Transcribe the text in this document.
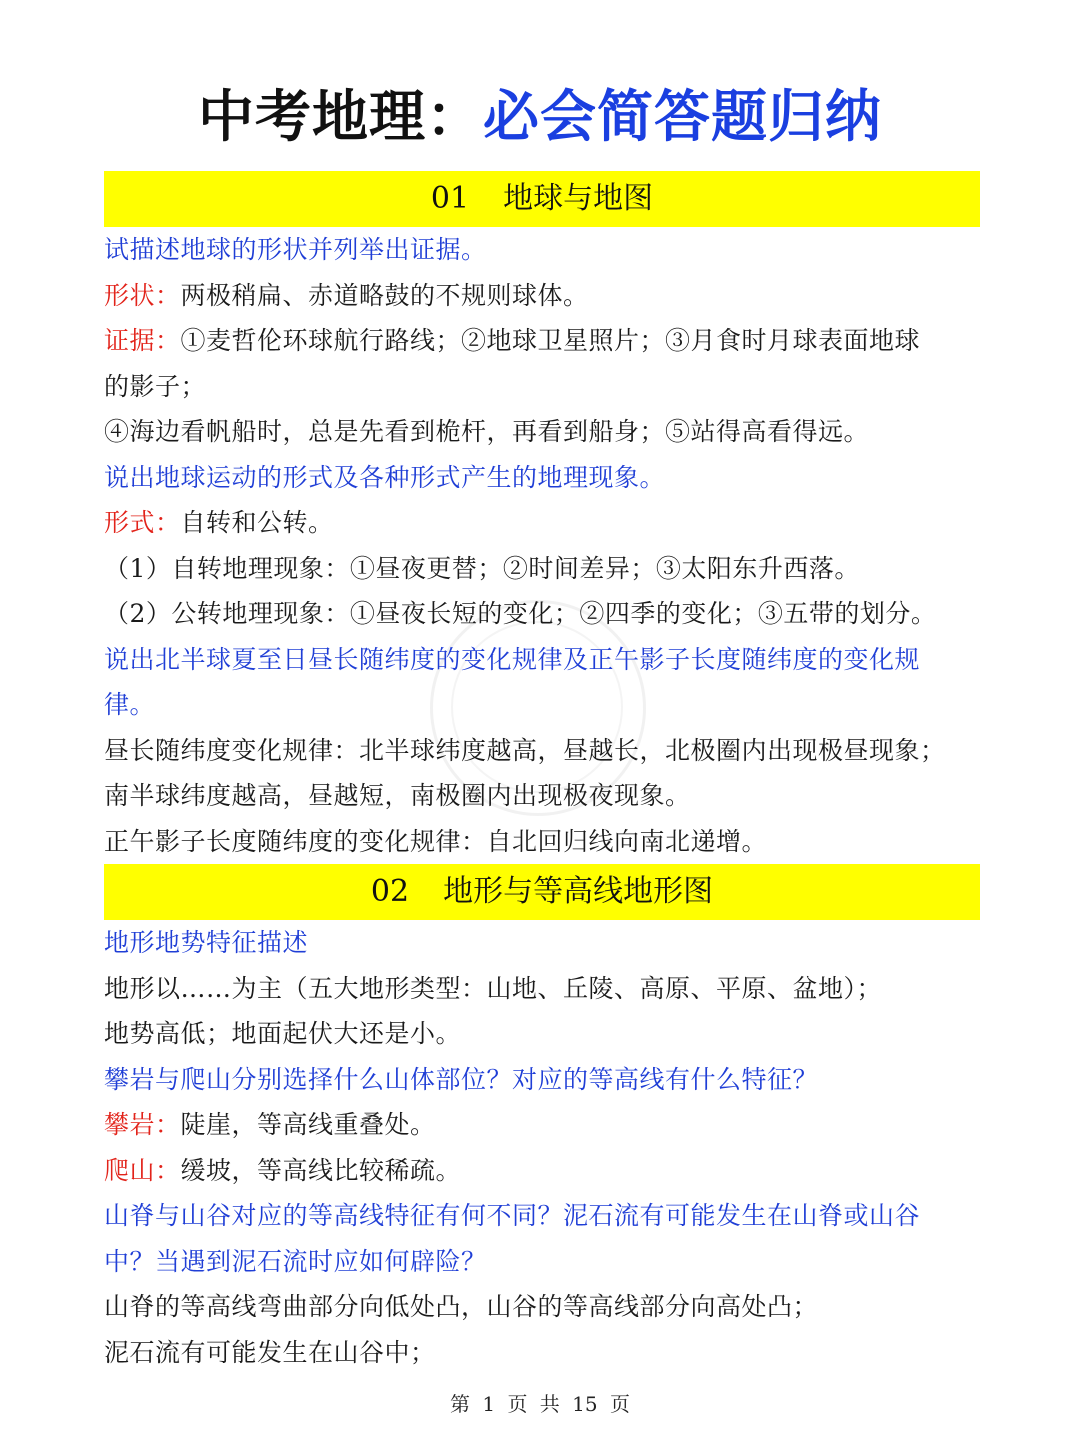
中考地理：必会简答题归纳
01 地球与地图
试描述地球的形状并列举出证据。
形状：两极稍扁、赤道略鼓的不规则球体。
证据：①麦哲伦环球航行路线；②地球卫星照片；③月食时月球表面地球
的影子；
④海边看帆船时，总是先看到桅杆，再看到船身；⑤站得高看得远。
说出地球运动的形式及各种形式产生的地理现象。
形式：自转和公转。
（1）自转地理现象：①昼夜更替；②时间差异；③太阳东升西落。
（2）公转地理现象：①昼夜长短的变化；②四季的变化；③五带的划分。
说出北半球夏至日昼长随纬度的变化规律及正午影子长度随纬度的变化规
律。
昼长随纬度变化规律：北半球纬度越高，昼越长，北极圈内出现极昼现象；
南半球纬度越高，昼越短，南极圈内出现极夜现象。
正午影子长度随纬度的变化规律：自北回归线向南北递增。
02 地形与等高线地形图
地形地势特征描述
地形以……为主（五大地形类型：山地、丘陵、高原、平原、盆地）；
地势高低；地面起伏大还是小。
攀岩与爬山分别选择什么山体部位？对应的等高线有什么特征？
攀岩：陡崖，等高线重叠处。
爬山：缓坡，等高线比较稀疏。
山脊与山谷对应的等高线特征有何不同？泥石流有可能发生在山脊或山谷
中？当遇到泥石流时应如何辟险？
山脊的等高线弯曲部分向低处凸，山谷的等高线部分向高处凸；
泥石流有可能发生在山谷中；
第 1 页 共 15 页
